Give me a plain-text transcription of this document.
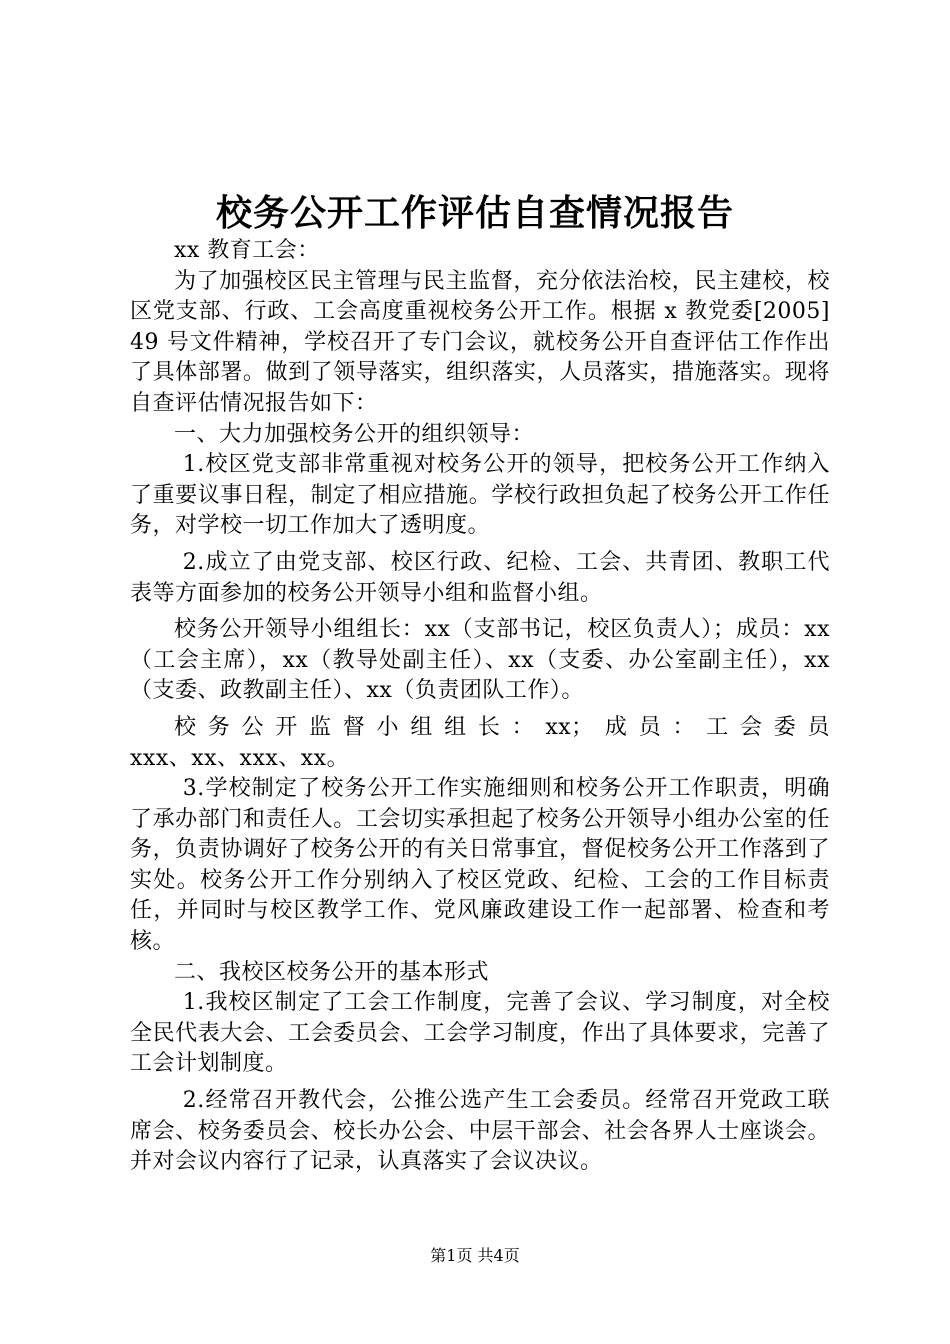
校务公开工作评估自查情况报告

xx 教育工会：

为了加强校区民主管理与民主监督，充分依法治校，民主建校，校区党支部、行政、工会高度重视校务公开工作。根据 x 教党委[2005]49 号文件精神，学校召开了专门会议，就校务公开自查评估工作作出了具体部署。做到了领导落实，组织落实，人员落实，措施落实。现将自查评估情况报告如下：

一、大力加强校务公开的组织领导：

1.校区党支部非常重视对校务公开的领导，把校务公开工作纳入了重要议事日程，制定了相应措施。学校行政担负起了校务公开工作任务，对学校一切工作加大了透明度。

2.成立了由党支部、校区行政、纪检、工会、共青团、教职工代表等方面参加的校务公开领导小组和监督小组。

校务公开领导小组组长：xx（支部书记，校区负责人）；成员：xx（工会主席），xx（教导处副主任）、xx（支委、办公室副主任），xx（支委、政教副主任）、xx（负责团队工作）。

校务公开监督小组组长：xx；成员：工会委员

xxx、xx、xxx、xx。

3.学校制定了校务公开工作实施细则和校务公开工作职责，明确了承办部门和责任人。工会切实承担起了校务公开领导小组办公室的任务，负责协调好了校务公开的有关日常事宜，督促校务公开工作落到了实处。校务公开工作分别纳入了校区党政、纪检、工会的工作目标责任，并同时与校区教学工作、党风廉政建设工作一起部署、检查和考核。

二、我校区校务公开的基本形式

1.我校区制定了工会工作制度，完善了会议、学习制度，对全校全民代表大会、工会委员会、工会学习制度，作出了具体要求，完善了工会计划制度。

2.经常召开教代会，公推公选产生工会委员。经常召开党政工联席会、校务委员会、校长办公会、中层干部会、社会各界人士座谈会。并对会议内容行了记录，认真落实了会议决议。

第1页 共4页
